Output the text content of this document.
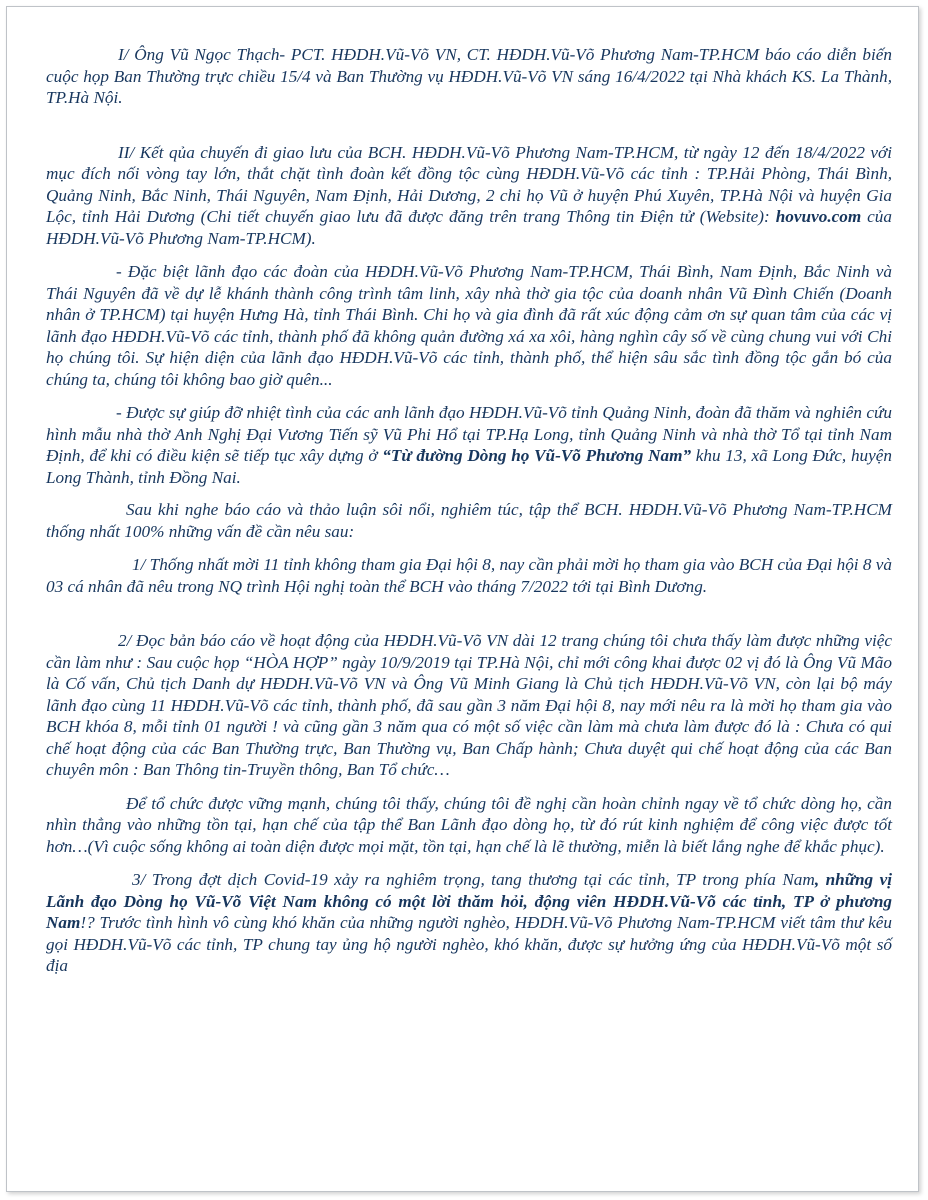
I/ Ông Vũ Ngọc Thạch- PCT. HĐDH.Vũ-Võ VN, CT. HĐDH.Vũ-Võ Phương Nam-TP.HCM báo cáo diễn biến cuộc họp Ban Thường trực chiều 15/4 và Ban Thường vụ HĐDH.Vũ-Võ VN sáng 16/4/2022 tại Nhà khách KS. La Thành, TP.Hà Nội.

II/ Kết qủa chuyến đi giao lưu của BCH. HĐDH.Vũ-Võ Phương Nam-TP.HCM, từ ngày 12 đến 18/4/2022 với mục đích nối vòng tay lớn, thắt chặt tình đoàn kết đồng tộc cùng HĐDH.Vũ-Võ các tỉnh : TP.Hải Phòng, Thái Bình, Quảng Ninh, Bắc Ninh, Thái Nguyên, Nam Định, Hải Dương, 2 chi họ Vũ ở huyện Phú Xuyên, TP.Hà Nội và huyện Gia Lộc, tỉnh Hải Dương (Chi tiết chuyến giao lưu đã được đăng trên trang Thông tin Điện tử (Website): hovuvo.com của HĐDH.Vũ-Võ Phương Nam-TP.HCM).

- Đặc biệt lãnh đạo các đoàn của HĐDH.Vũ-Võ Phương Nam-TP.HCM, Thái Bình, Nam Định, Bắc Ninh và Thái Nguyên đã về dự lễ khánh thành công trình tâm linh, xây nhà thờ gia tộc của doanh nhân Vũ Đình Chiến (Doanh nhân ở TP.HCM) tại huyện Hưng Hà, tỉnh Thái Bình. Chi họ và gia đình đã rất xúc động cảm ơn sự quan tâm của các vị lãnh đạo HĐDH.Vũ-Võ các tỉnh, thành phố đã không quản đường xá xa xôi, hàng nghìn cây số về cùng chung vui với Chi họ chúng tôi. Sự hiện diện của lãnh đạo HĐDH.Vũ-Võ các tỉnh, thành phố, thể hiện sâu sắc tình đồng tộc gắn bó của chúng ta, chúng tôi không bao giờ quên...

- Được sự giúp đỡ nhiệt tình của các anh lãnh đạo HĐDH.Vũ-Võ tỉnh Quảng Ninh, đoàn đã thăm và nghiên cứu hình mẫu nhà thờ Anh Nghị Đại Vương Tiến sỹ Vũ Phi Hổ tại TP.Hạ Long, tỉnh Quảng Ninh và nhà thờ Tổ tại tỉnh Nam Định, để khi có điều kiện sẽ tiếp tục xây dựng ở “Từ đường Dòng họ Vũ-Võ Phương Nam” khu 13, xã Long Đức, huyện Long Thành, tỉnh Đồng Nai.

Sau khi nghe báo cáo và thảo luận sôi nổi, nghiêm túc, tập thể BCH. HĐDH.Vũ-Võ Phương Nam-TP.HCM thống nhất 100% những vấn đề cần nêu sau:

1/ Thống nhất mời 11 tỉnh không tham gia Đại hội 8, nay cần phải mời họ tham gia vào BCH của Đại hội 8 và 03 cá nhân đã nêu trong NQ trình Hội nghị toàn thể BCH vào tháng 7/2022 tới tại Bình Dương.

2/ Đọc bản báo cáo về hoạt động của HĐDH.Vũ-Võ VN dài 12 trang chúng tôi chưa thấy làm được những việc cần làm như : Sau cuộc họp “HÒA HỢP” ngày 10/9/2019 tại TP.Hà Nội, chỉ mới công khai được 02 vị đó là Ông Vũ Mão là Cố vấn, Chủ tịch Danh dự HĐDH.Vũ-Võ VN và Ông Vũ Minh Giang là Chủ tịch HĐDH.Vũ-Võ VN, còn lại bộ máy lãnh đạo cùng 11 HĐDH.Vũ-Võ các tỉnh, thành phố, đã sau gần 3 năm Đại hội 8, nay mới nêu ra là mời họ tham gia vào BCH khóa 8, mỗi tỉnh 01 người ! và cũng gần 3 năm qua có một số việc cần làm mà chưa làm được đó là : Chưa có qui chế hoạt động của các Ban Thường trực, Ban Thường vụ, Ban Chấp hành; Chưa duyệt qui chế hoạt động của các Ban chuyên môn : Ban Thông tin-Truyền thông, Ban Tổ chức…

Để tổ chức được vững mạnh, chúng tôi thấy, chúng tôi đề nghị cần hoàn chỉnh ngay về tổ chức dòng họ, cần nhìn thẳng vào những tồn tại, hạn chế của tập thể Ban Lãnh đạo dòng họ, từ đó rút kinh nghiệm để công việc được tốt hơn…(Vì cuộc sống không ai toàn diện được mọi mặt, tồn tại, hạn chế là lẽ thường, miễn là biết lắng nghe để khắc phục).

3/ Trong đợt dịch Covid-19 xảy ra nghiêm trọng, tang thương tại các tỉnh, TP trong phía Nam, những vị Lãnh đạo Dòng họ Vũ-Võ Việt Nam không có một lời thăm hỏi, động viên HĐDH.Vũ-Võ các tỉnh, TP ở phương Nam!? Trước tình hình vô cùng khó khăn của những người nghèo, HĐDH.Vũ-Võ Phương Nam-TP.HCM viết tâm thư kêu gọi HĐDH.Vũ-Võ các tỉnh, TP chung tay ủng hộ người nghèo, khó khăn, được sự hưởng ứng của HĐDH.Vũ-Võ một số địa
